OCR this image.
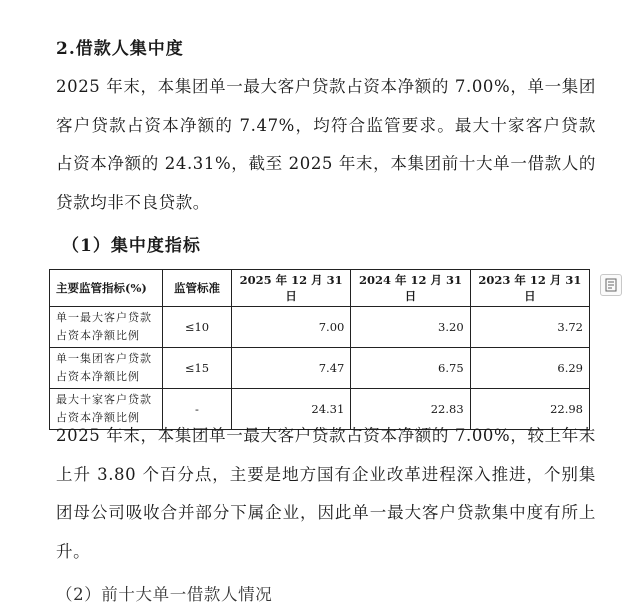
2.借款人集中度
2025 年末，本集团单一最大客户贷款占资本净额的 7.00%，单一集团客户贷款占资本净额的 7.47%，均符合监管要求。最大十家客户贷款占资本净额的 24.31%，截至 2025 年末，本集团前十大单一借款人的贷款均非不良贷款。
（1）集中度指标
主要监管指标(%)	监管标准	2025 年 12 月 31 日	2024 年 12 月 31 日	2023 年 12 月 31 日
单一最大客户贷款占资本净额比例	≤10	7.00	3.20	3.72
单一集团客户贷款占资本净额比例	≤15	7.47	6.75	6.29
最大十家客户贷款占资本净额比例	-	24.31	22.83	22.98
2025 年末，本集团单一最大客户贷款占资本净额的 7.00%，较上年末上升 3.80 个百分点，主要是地方国有企业改革进程深入推进，个别集团母公司吸收合并部分下属企业，因此单一最大客户贷款集中度有所上升。
（2）前十大单一借款人情况
